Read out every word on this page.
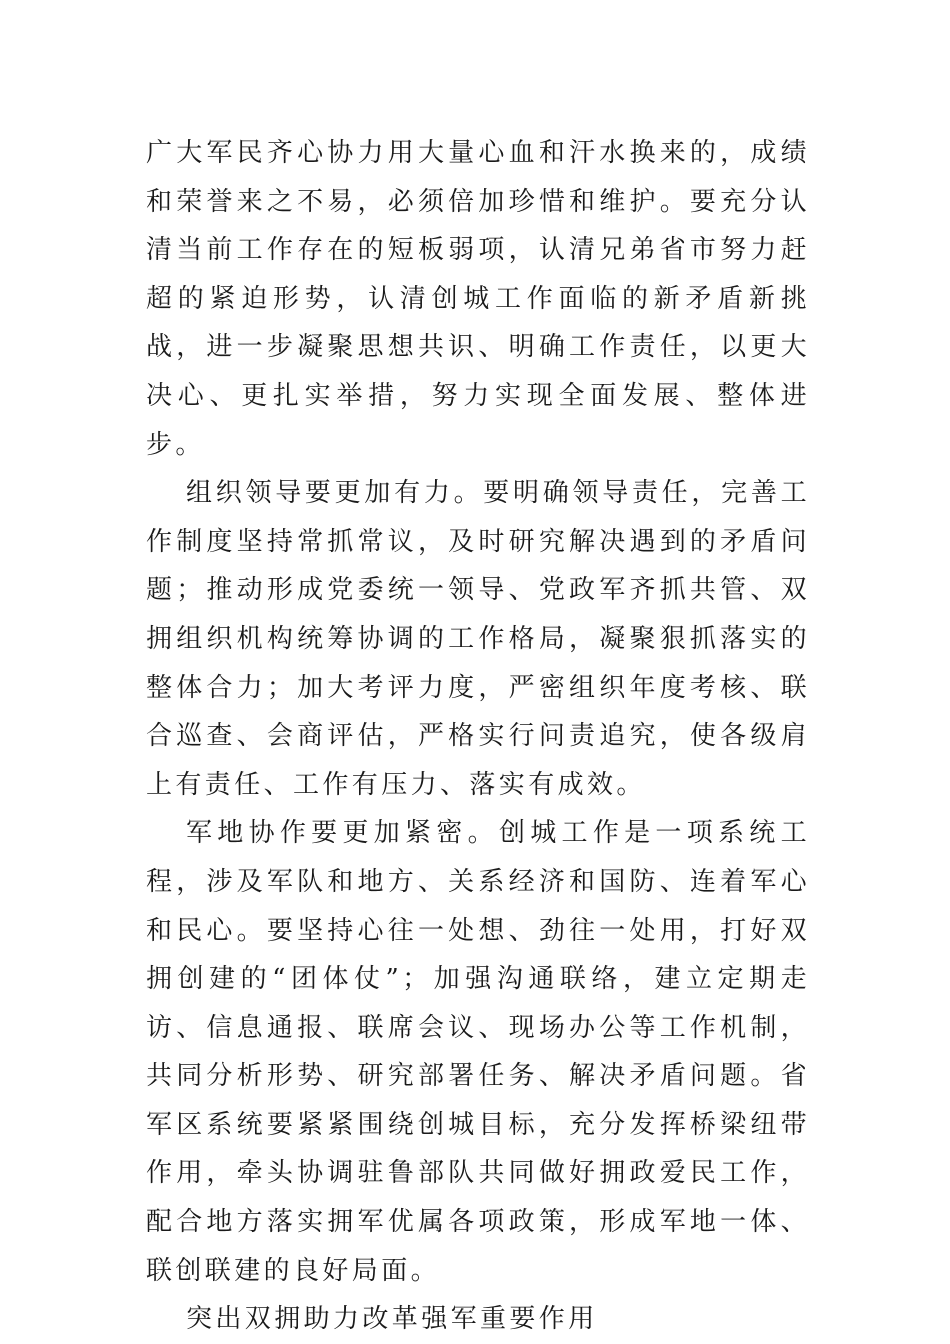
广大军民齐心协力用大量心血和汗水换来的，成绩和荣誉来之不易，必须倍加珍惜和维护。要充分认清当前工作存在的短板弱项，认清兄弟省市努力赶超的紧迫形势，认清创城工作面临的新矛盾新挑战，进一步凝聚思想共识、明确工作责任，以更大决心、更扎实举措，努力实现全面发展、整体进步。

组织领导要更加有力。要明确领导责任，完善工作制度坚持常抓常议，及时研究解决遇到的矛盾问题；推动形成党委统一领导、党政军齐抓共管、双拥组织机构统筹协调的工作格局，凝聚狠抓落实的整体合力；加大考评力度，严密组织年度考核、联合巡查、会商评估，严格实行问责追究，使各级肩上有责任、工作有压力、落实有成效。

军地协作要更加紧密。创城工作是一项系统工程，涉及军队和地方、关系经济和国防、连着军心和民心。要坚持心往一处想、劲往一处用，打好双拥创建的“团体仗”；加强沟通联络，建立定期走访、信息通报、联席会议、现场办公等工作机制，共同分析形势、研究部署任务、解决矛盾问题。省军区系统要紧紧围绕创城目标，充分发挥桥梁纽带作用，牵头协调驻鲁部队共同做好拥政爱民工作，配合地方落实拥军优属各项政策，形成军地一体、联创联建的良好局面。

突出双拥助力改革强军重要作用
